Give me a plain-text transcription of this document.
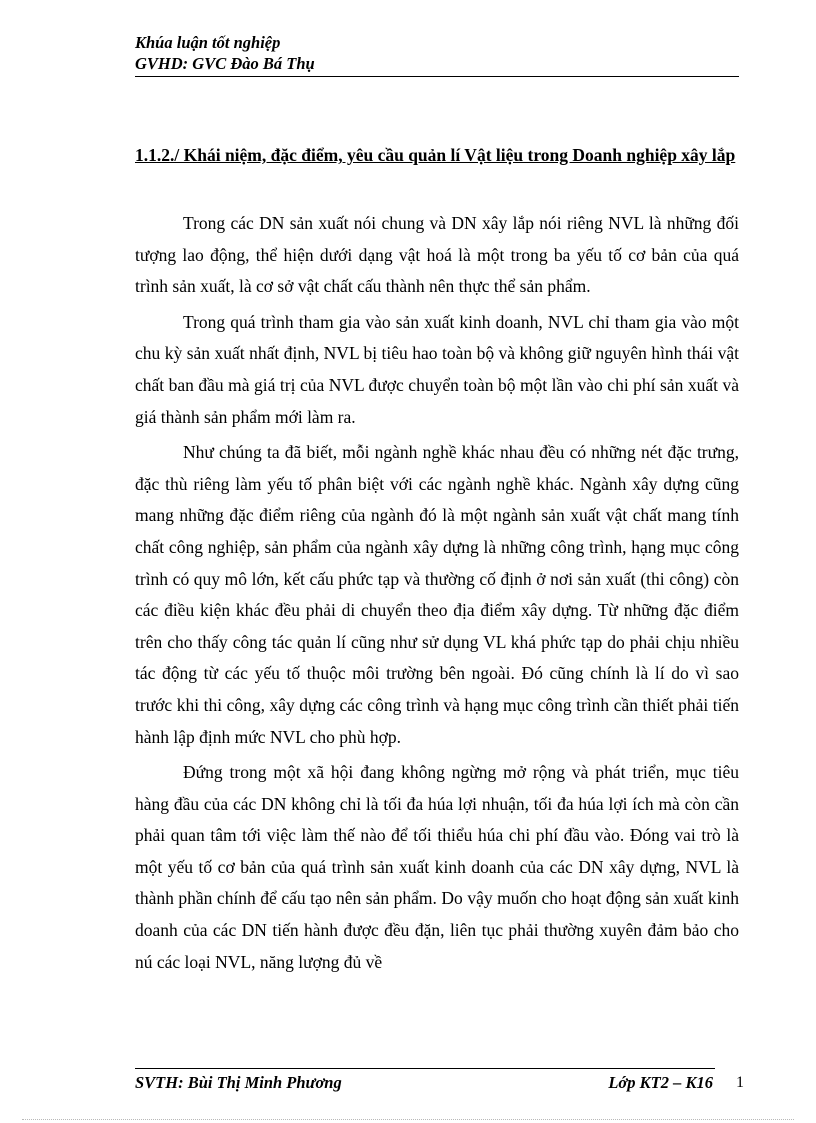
Khúa luận tốt nghiệp
GVHD: GVC Đào Bá Thụ
1.1.2./ Khái niệm, đặc điểm, yêu cầu quản lí Vật liệu trong Doanh nghiệp xây lắp

Trong các DN sản xuất nói chung và DN xây lắp nói riêng NVL là những đối tượng lao động, thể hiện dưới dạng vật hoá là một trong ba yếu tố cơ bản của quá trình sản xuất, là cơ sở vật chất cấu thành nên thực thể sản phẩm.

Trong quá trình tham gia vào sản xuất kinh doanh, NVL chỉ tham gia vào một chu kỳ sản xuất nhất định, NVL bị tiêu hao toàn bộ và không giữ nguyên hình thái vật chất ban đầu mà giá trị của NVL được chuyển toàn bộ một lần vào chi phí sản xuất và giá thành sản phẩm mới làm ra.

Như chúng ta đã biết, mỗi ngành nghề khác nhau đều có những nét đặc trưng, đặc thù riêng làm yếu tố phân biệt với các ngành nghề khác. Ngành xây dựng cũng mang những đặc điểm riêng của ngành đó là một ngành sản xuất vật chất mang tính chất công nghiệp, sản phẩm của ngành xây dựng là những công trình, hạng mục công trình có quy mô lớn, kết cấu phức tạp và thường cố định ở nơi sản xuất (thi công) còn các điều kiện khác đều phải di chuyển theo địa điểm xây dựng. Từ những đặc điểm trên cho thấy công tác quản lí cũng như sử dụng VL khá phức tạp do phải chịu nhiều tác động từ các yếu tố thuộc môi trường bên ngoài. Đó cũng chính là lí do vì sao trước khi thi công, xây dựng các công trình và hạng mục công trình cần thiết phải tiến hành lập định mức NVL cho phù hợp.

Đứng trong một xã hội đang không ngừng mở rộng và phát triển, mục tiêu hàng đầu của các DN không chỉ là tối đa húa lợi nhuận, tối đa húa lợi ích mà còn cần phải quan tâm tới việc làm thế nào để tối thiểu húa chi phí đầu vào. Đóng vai trò là một yếu tố cơ bản của quá trình sản xuất kinh doanh của các DN xây dựng, NVL là thành phần chính để cấu tạo nên sản phẩm. Do vậy muốn cho hoạt động sản xuất kinh doanh của các DN tiến hành được đều đặn, liên tục phải thường xuyên đảm bảo cho nú các loại NVL, năng lượng đủ về

SVTH: Bùi Thị Minh Phương	Lớp KT2 – K16 1
